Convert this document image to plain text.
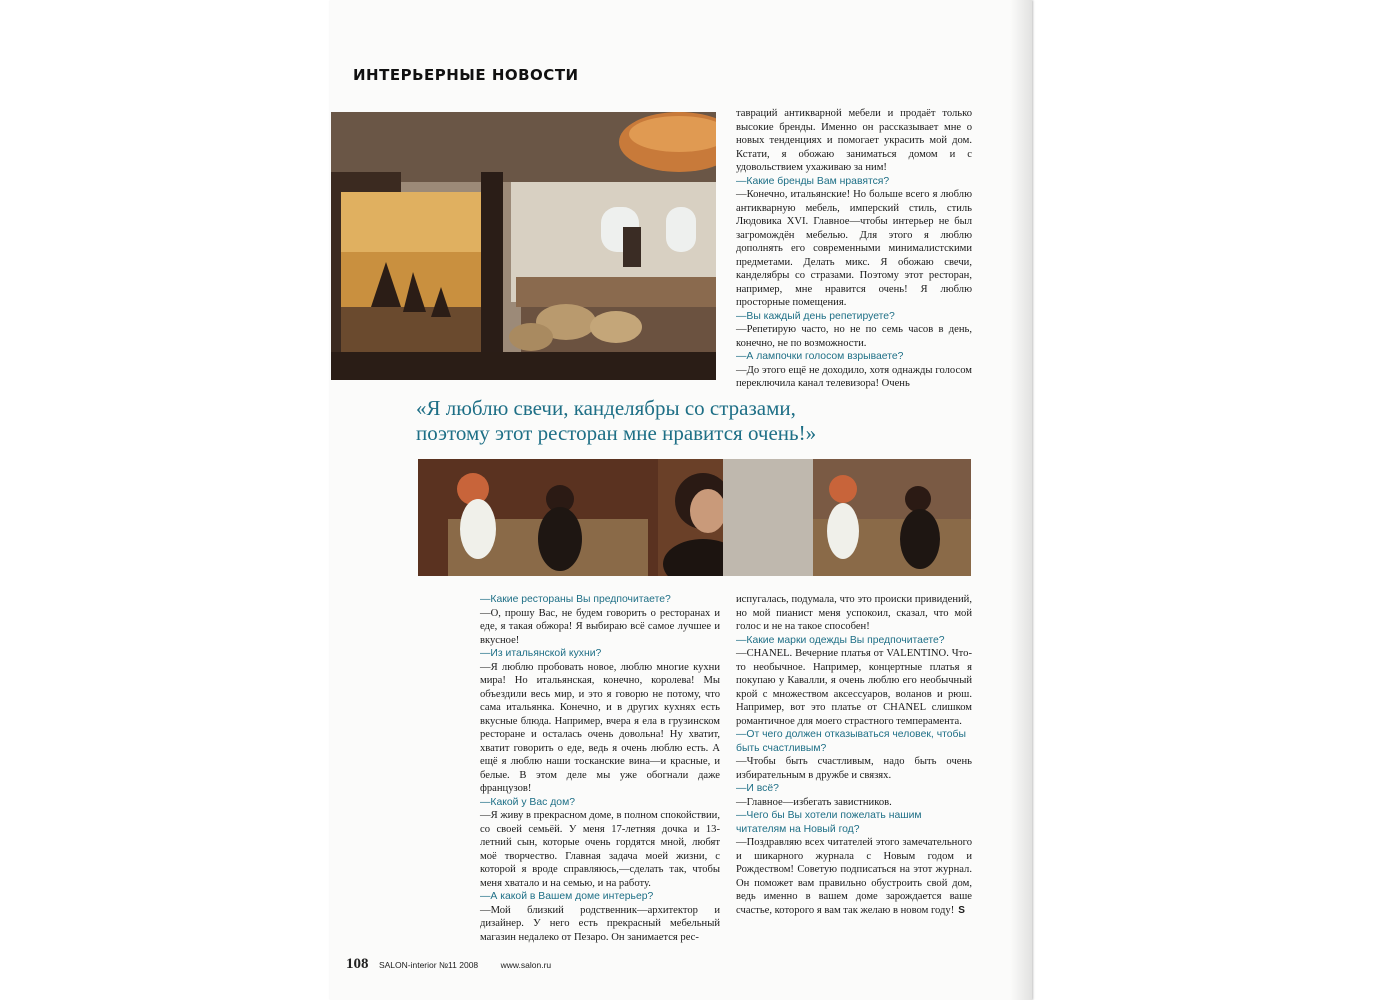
ИНТЕРЬЕРНЫЕ НОВОСТИ

тавраций антикварной мебели и продаёт только высокие бренды. Именно он рассказывает мне о новых тенденциях и помогает украсить мой дом. Кстати, я обожаю заниматься домом и с удовольствием ухаживаю за ним!

—Какие бренды Вам нравятся?

—Конечно, итальянские! Но больше всего я люблю антикварную мебель, имперский стиль, стиль Людовика XVI. Главное—чтобы интерьер не был загромождён мебелью. Для этого я люблю дополнять его современными минималистскими предметами. Делать микс. Я обожаю свечи, канделябры со стразами. Поэтому этот ресторан, например, мне нравится очень! Я люблю просторные помещения.

—Вы каждый день репетируете?

—Репетирую часто, но не по семь часов в день, конечно, не по возможности.

—А лампочки голосом взрываете?

—До этого ещё не доходило, хотя однажды голосом переключила канал телевизора! Очень

«Я люблю свечи, канделябры со стразами,
поэтому этот ресторан мне нравится очень!»

—Какие рестораны Вы предпочитаете?

—О, прошу Вас, не будем говорить о ресторанах и еде, я такая обжора! Я выбираю всё самое лучшее и вкусное!

—Из итальянской кухни?

—Я люблю пробовать новое, люблю многие кухни мира! Но итальянская, конечно, королева! Мы объездили весь мир, и это я говорю не потому, что сама итальянка. Конечно, и в других кухнях есть вкусные блюда. Например, вчера я ела в грузинском ресторане и осталась очень довольна! Ну хватит, хватит говорить о еде, ведь я очень люблю есть. А ещё я люблю наши тосканские вина—и красные, и белые. В этом деле мы уже обогнали даже французов!

—Какой у Вас дом?

—Я живу в прекрасном доме, в полном спокойствии, со своей семьёй. У меня 17-летняя дочка и 13-летний сын, которые очень гордятся мной, любят моё творчество. Главная задача моей жизни, с которой я вроде справляюсь,—сделать так, чтобы меня хватало и на семью, и на работу.

—А какой в Вашем доме интерьер?

—Мой близкий родственник—архитектор и дизайнер. У него есть прекрасный мебельный магазин недалеко от Пезаро. Он занимается рес-

испугалась, подумала, что это происки привидений, но мой пианист меня успокоил, сказал, что мой голос и не на такое способен!

—Какие марки одежды Вы предпочитаете?

—CHANEL. Вечерние платья от VALENTINO. Что-то необычное. Например, концертные платья я покупаю у Кавалли, я очень люблю его необычный крой с множеством аксессуаров, воланов и рюш. Например, вот это платье от CHANEL слишком романтичное для моего страстного темперамента.

—От чего должен отказываться человек, чтобы быть счастливым?

—Чтобы быть счастливым, надо быть очень избирательным в дружбе и связях.

—И всё?

—Главное—избегать завистников.

—Чего бы Вы хотели пожелать нашим читателям на Новый год?

—Поздравляю всех читателей этого замечательного и шикарного журнала с Новым годом и Рождеством! Советую подписаться на этот журнал. Он поможет вам правильно обустроить свой дом, ведь именно в вашем доме зарождается ваше счастье, которого я вам так желаю в новом году! S

108 SALON-interior №11 2008	www.salon.ru
